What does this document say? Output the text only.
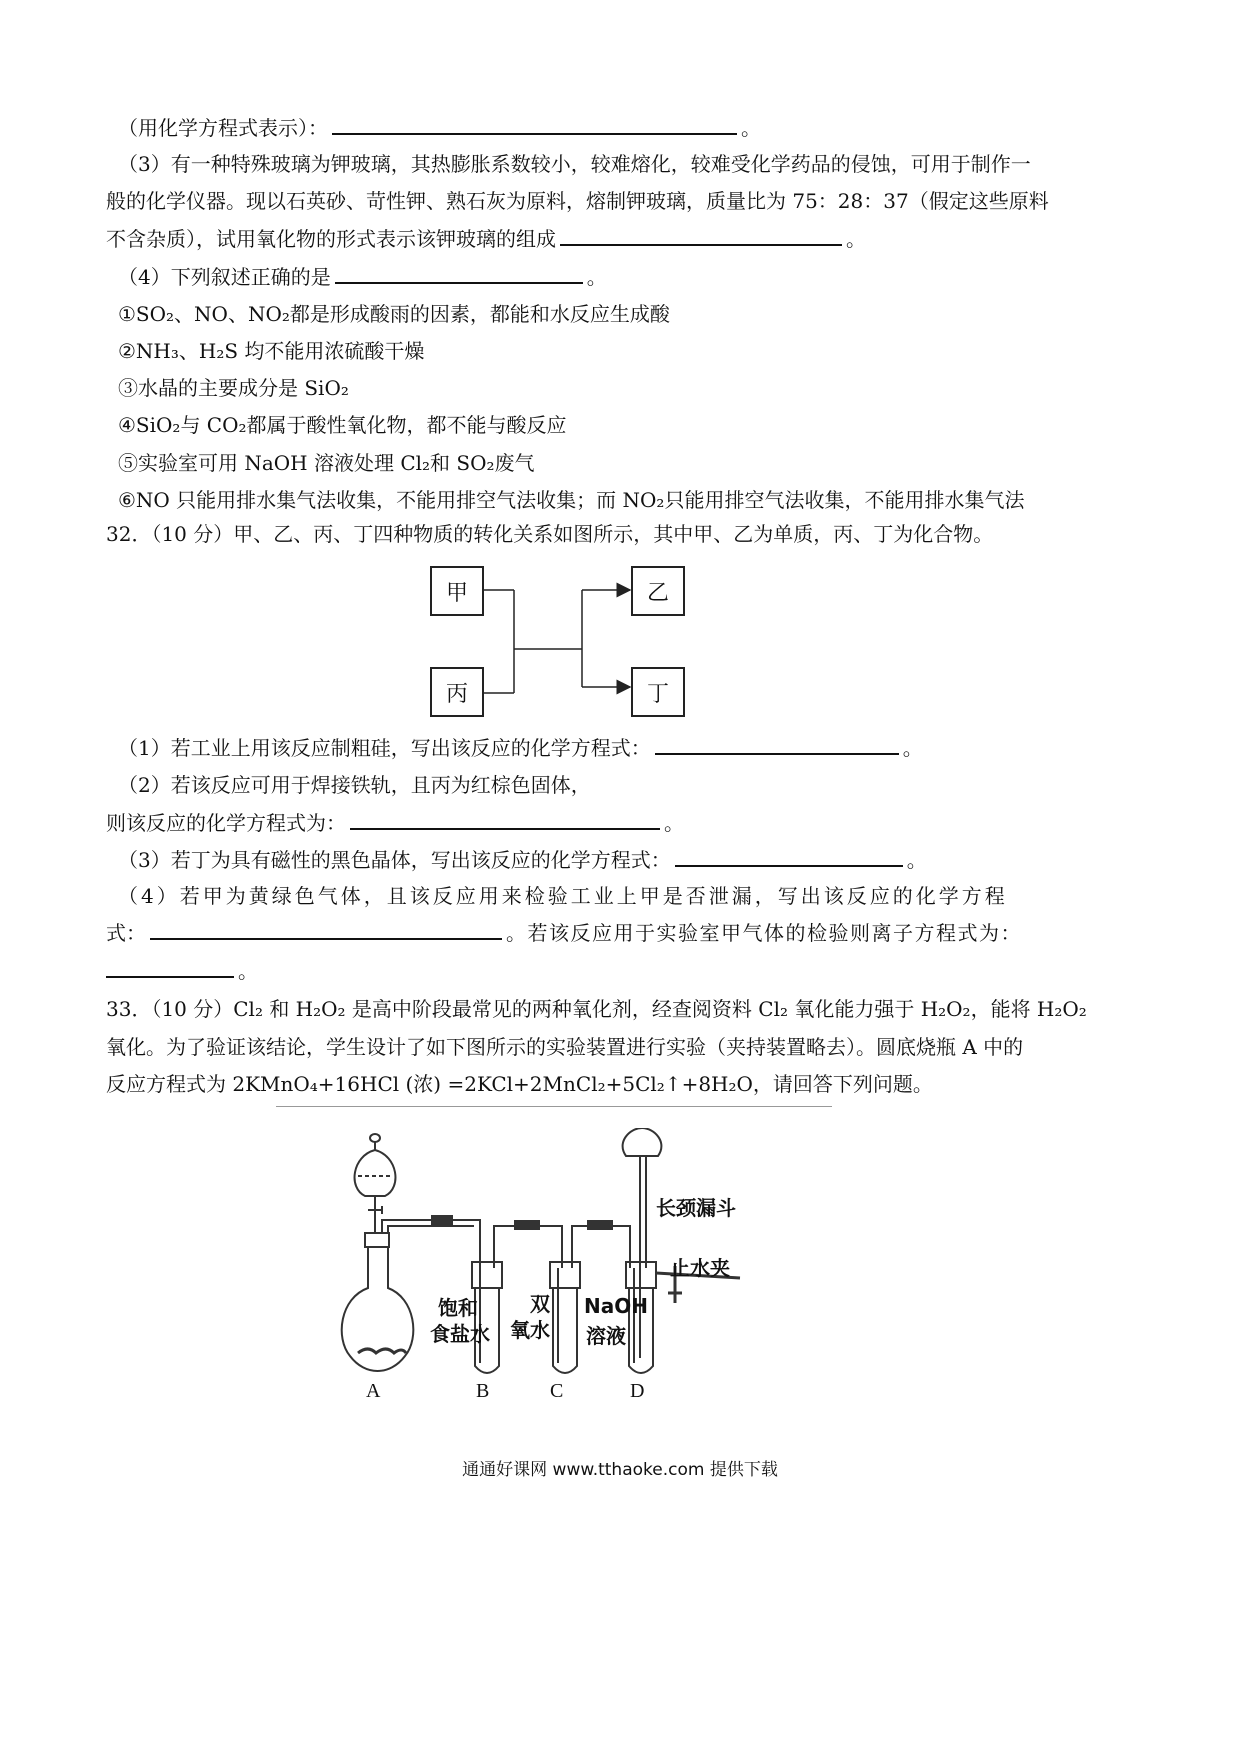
（用化学方程式表示）：	。
（3）有一种特殊玻璃为钾玻璃，其热膨胀系数较小，较难熔化，较难受化学药品的侵蚀，可用于制作一
般的化学仪器。现以石英砂、苛性钾、熟石灰为原料，熔制钾玻璃，质量比为 75：28：37（假定这些原料
不含杂质），试用氧化物的形式表示该钾玻璃的组成	。
（4）下列叙述正确的是	。
①SO₂、NO、NO₂都是形成酸雨的因素，都能和水反应生成酸
②NH₃、H₂S 均不能用浓硫酸干燥
③水晶的主要成分是 SiO₂
④SiO₂与 CO₂都属于酸性氧化物，都不能与酸反应
⑤实验室可用 NaOH 溶液处理 Cl₂和 SO₂废气
⑥NO 只能用排水集气法收集，不能用排空气法收集；而 NO₂只能用排空气法收集，不能用排水集气法
32．（10 分）甲、乙、丙、丁四种物质的转化关系如图所示，其中甲、乙为单质，丙、丁为化合物。
甲	乙
丙	丁
（1）若工业上用该反应制粗硅，写出该反应的化学方程式：	。
（2）若该反应可用于焊接铁轨，且丙为红棕色固体，
则该反应的化学方程式为：	。
（3）若丁为具有磁性的黑色晶体，写出该反应的化学方程式：	。
（4）若甲为黄绿色气体，且该反应用来检验工业上甲是否泄漏，写出该反应的化学方程
式：	。若该反应用于实验室甲气体的检验则离子方程式为：
。
33．（10 分）Cl₂ 和 H₂O₂ 是高中阶段最常见的两种氧化剂，经查阅资料 Cl₂ 氧化能力强于 H₂O₂，能将 H₂O₂
氧化。为了验证该结论，学生设计了如下图所示的实验装置进行实验（夹持装置略去）。圆底烧瓶 A 中的
反应方程式为 2KMnO₄+16HCl (浓) =2KCl+2MnCl₂+5Cl₂↑+8H₂O，请回答下列问题。
长颈漏斗
止水夹
饱和
食盐水
双
氧水
NaOH
溶液
A	B	C	D
通通好课网 www.tthaoke.com 提供下载
